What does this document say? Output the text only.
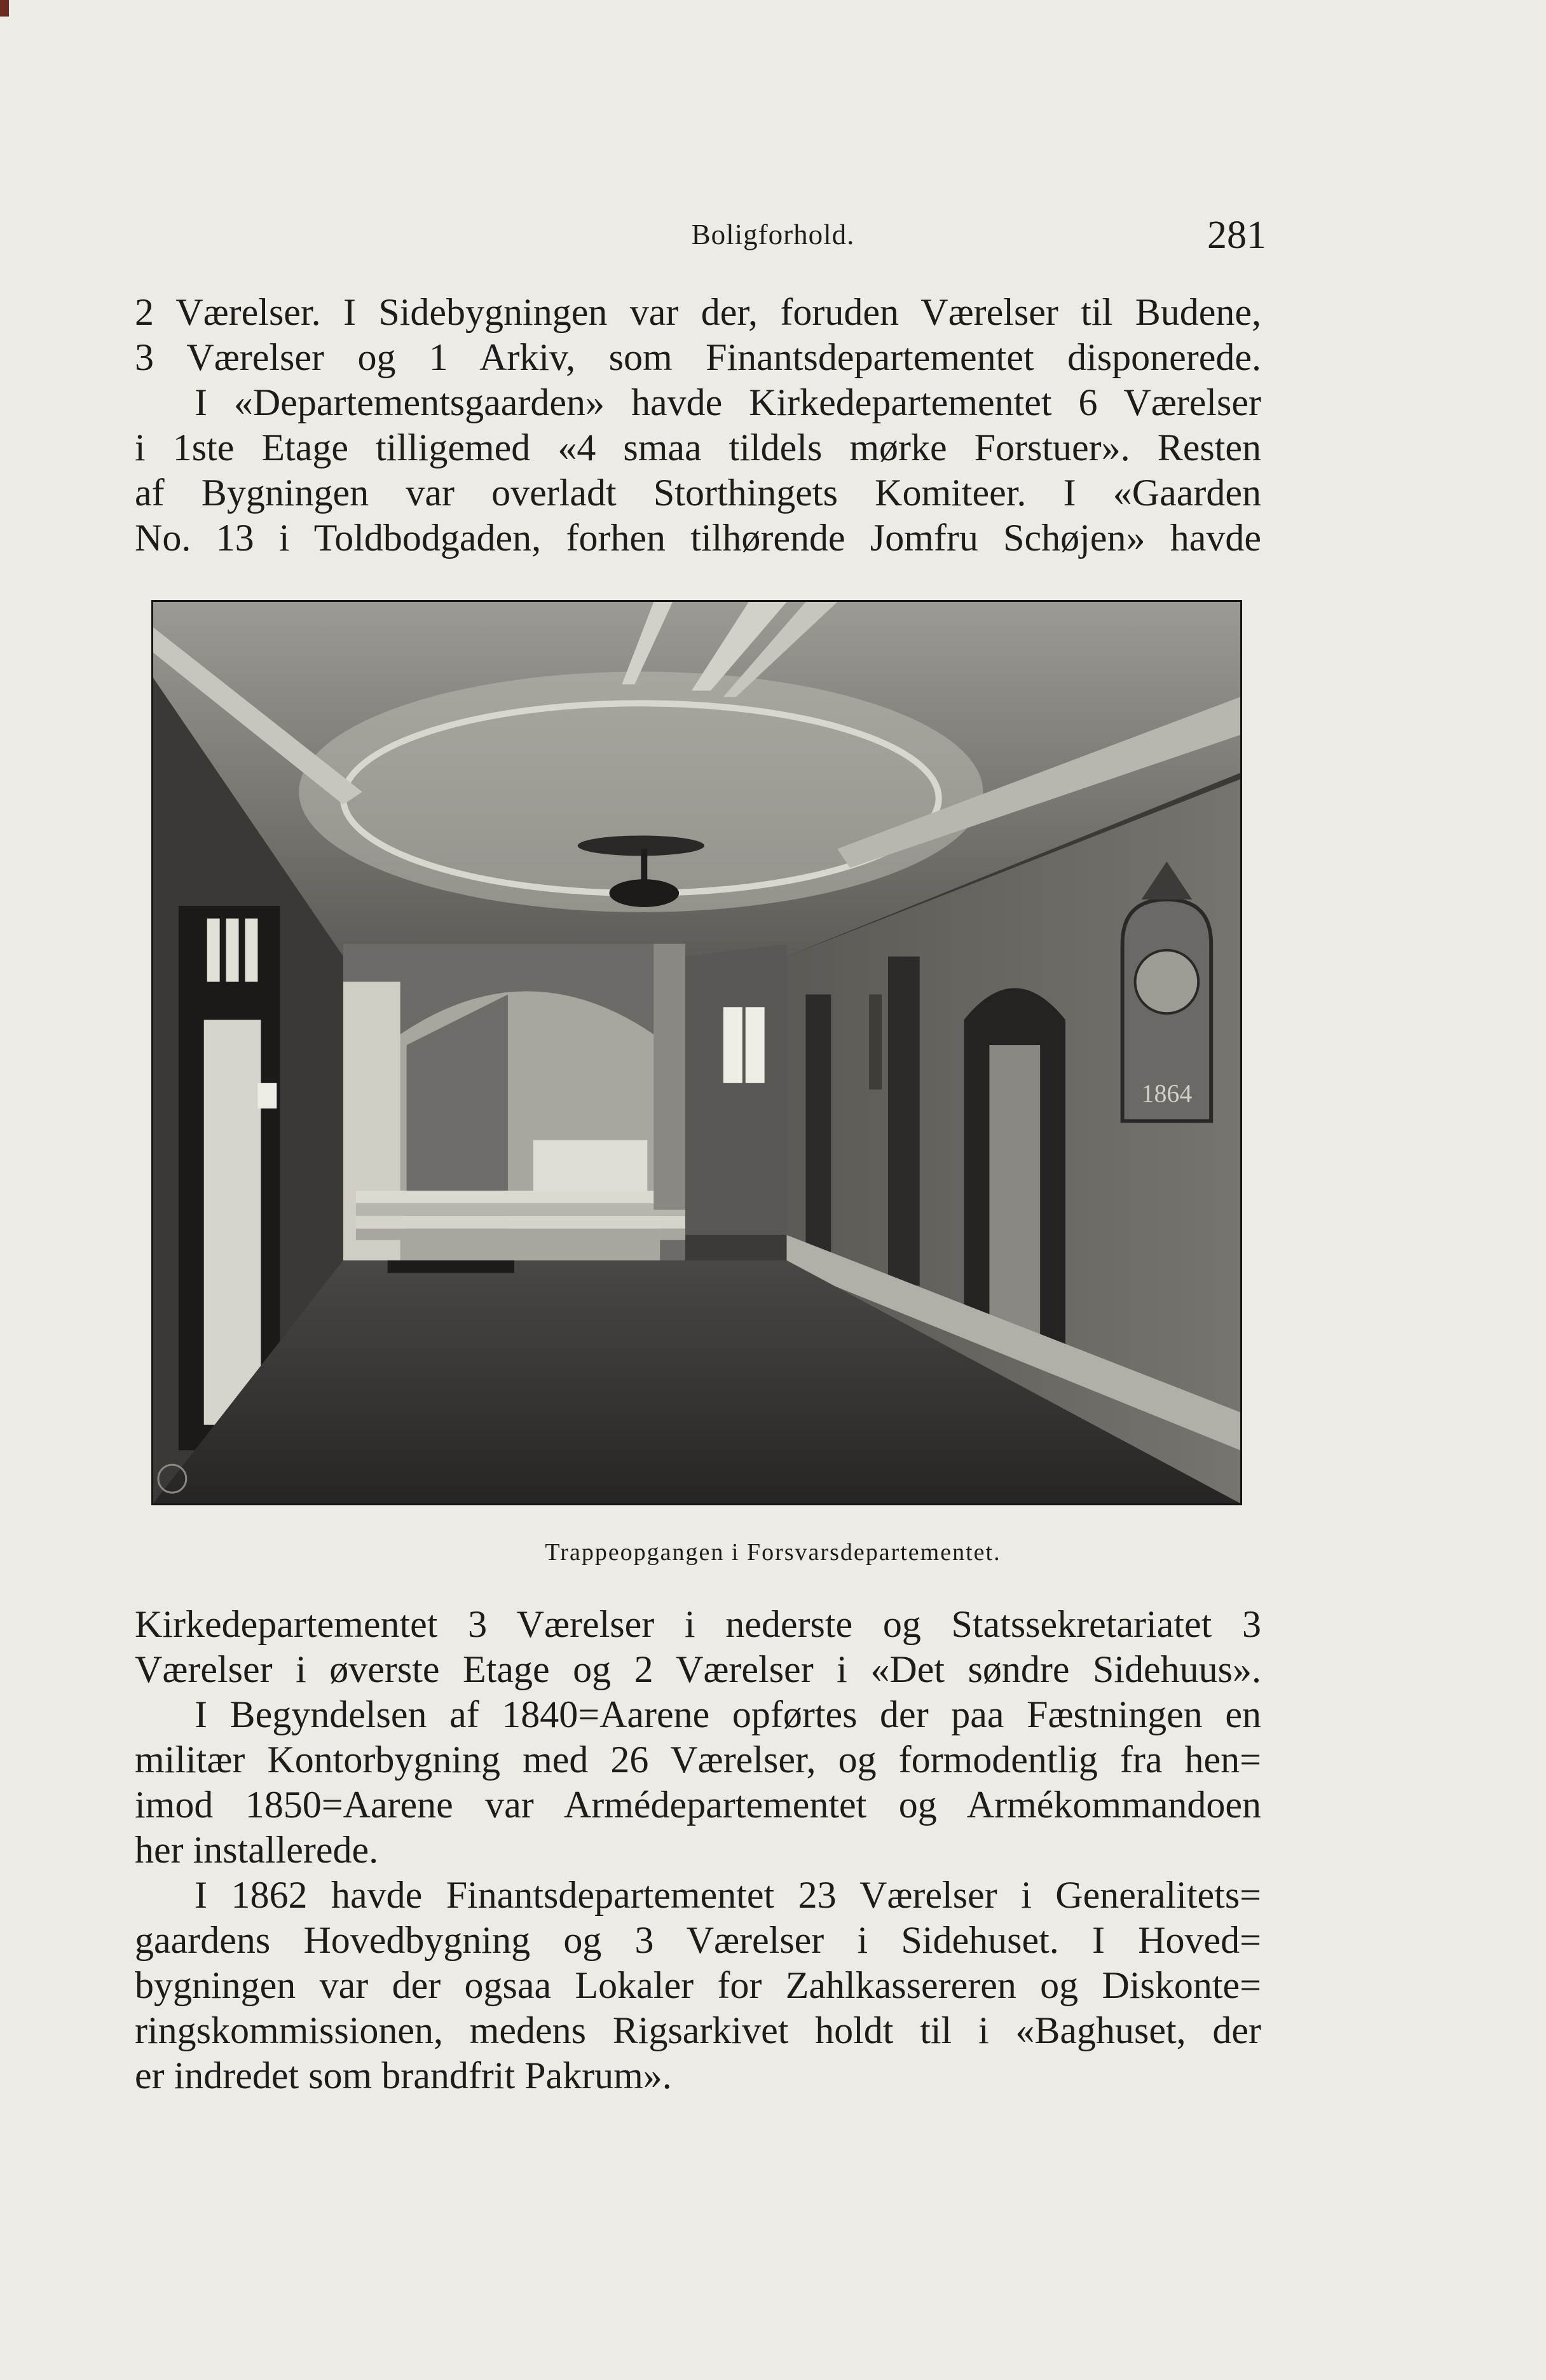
Boligforhold.	281

2 Værelser. I Sidebygningen var der, foruden Værelser til Budene,

3 Værelser og 1 Arkiv, som Finantsdepartementet disponerede.

I «Departementsgaarden» havde Kirkedepartementet 6 Værelser

i 1ste Etage tilligemed «4 smaa tildels mørke Forstuer». Resten

af Bygningen var overladt Storthingets Komiteer. I «Gaarden

No. 13 i Toldbodgaden, forhen tilhørende Jomfru Schøjen» havde

1864
Trappeopgangen i Forsvarsdepartementet.

Kirkedepartementet 3 Værelser i nederste og Statssekretariatet 3

Værelser i øverste Etage og 2 Værelser i «Det søndre Sidehuus».

I Begyndelsen af 1840=Aarene opførtes der paa Fæstningen en

militær Kontorbygning med 26 Værelser, og formodentlig fra hen=

imod 1850=Aarene var Armédepartementet og Armékommandoen

her installerede.

I 1862 havde Finantsdepartementet 23 Værelser i Generalitets=

gaardens Hovedbygning og 3 Værelser i Sidehuset. I Hoved=

bygningen var der ogsaa Lokaler for Zahlkassereren og Diskonte=

ringskommissionen, medens Rigsarkivet holdt til i «Baghuset, der

er indredet som brandfrit Pakrum».
